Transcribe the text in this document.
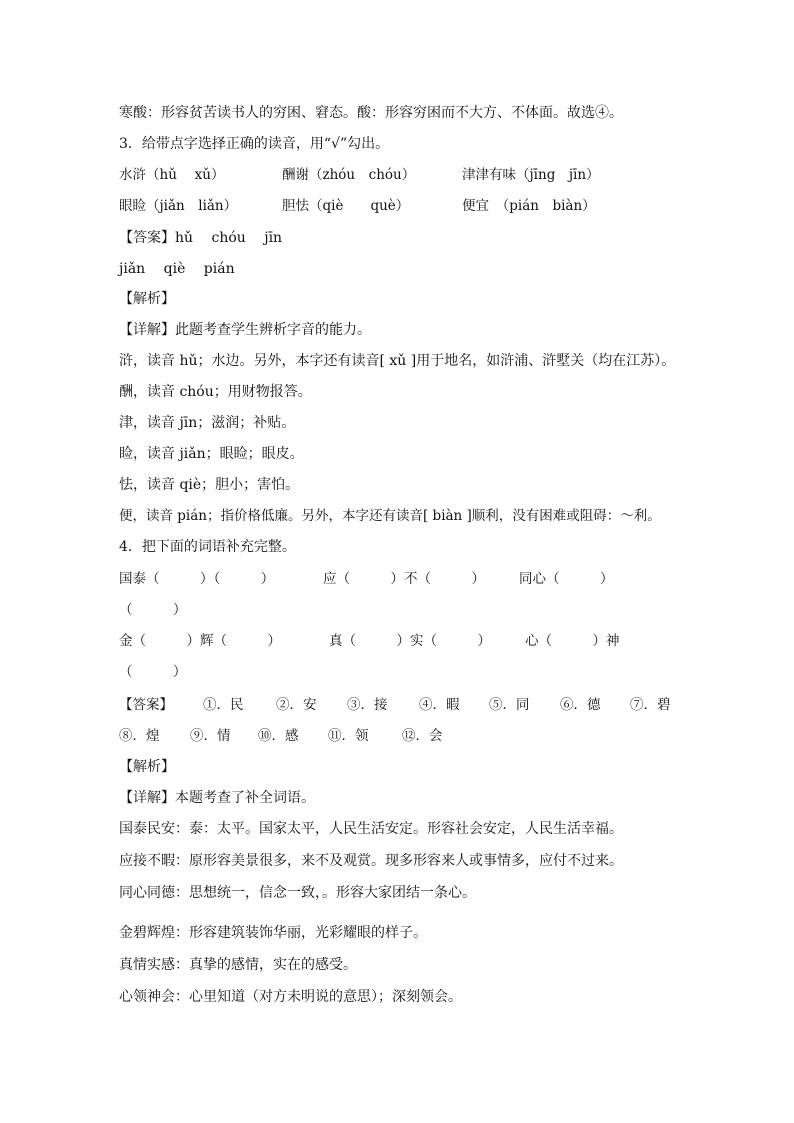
寒酸：形容贫苦读书人的穷困、窘态。酸：形容穷困而不大方、不体面。故选④。
3．给带点字选择正确的读音，用“√”勾出。
水浒（hǔ　 xǔ）	酬谢（zhóu　chóu）	津津有味（jīng　jīn）
眼睑（jiǎn　liǎn）	胆怯（qiè　　què）	便宜　（pián　biàn）
【答案】hǔ　 chóu　 jīn
jiǎn　 qiè　 pián
【解析】
【详解】此题考查学生辨析字音的能力。
浒，读音 hǔ；水边。另外，本字还有读音[ xǔ ]用于地名，如浒浦、浒墅关（均在江苏）。
酬，读音 chóu；用财物报答。
津，读音 jīn；滋润；补贴。
睑，读音 jiǎn；眼睑；眼皮。
怯，读音 qiè；胆小；害怕。
便，读音 pián；指价格低廉。另外，本字还有读音[ biàn ]顺利，没有困难或阻碍：～利。
4．把下面的词语补充完整。
国泰（　　　）（　　　）	应（　　　）不（　　　）	同心（　　　）
（　　　）
金（　　　）辉（　　　）	真（　　　）实（　　　）	心（　　　）神
（　　　）
【答案】 ①．民 ②．安 ③．接 ④．暇 ⑤．同 ⑥．德 ⑦．碧
⑧．煌 ⑨．情 ⑩．感 ⑪．领 ⑫．会
【解析】
【详解】本题考查了补全词语。
国泰民安：泰：太平。国家太平，人民生活安定。形容社会安定，人民生活幸福。
应接不暇：原形容美景很多，来不及观赏。现多形容来人或事情多，应付不过来。
同心同德：思想统一，信念一致，。形容大家团结一条心。
金碧辉煌：形容建筑装饰华丽，光彩耀眼的样子。
真情实感：真挚的感情，实在的感受。
心领神会：心里知道（对方未明说的意思）；深刻领会。
